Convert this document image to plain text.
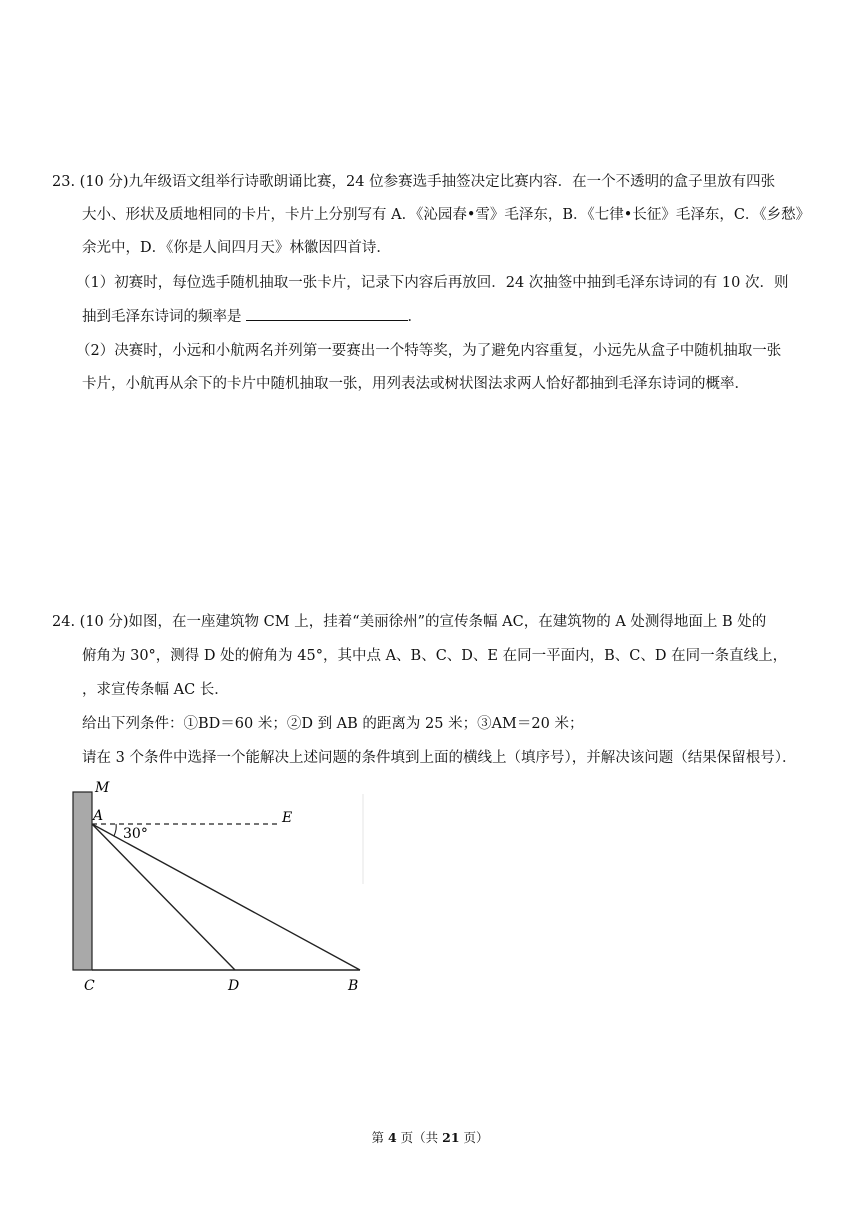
23. (10 分)九年级语文组举行诗歌朗诵比赛，24 位参赛选手抽签决定比赛内容．在一个不透明的盒子里放有四张
大小、形状及质地相同的卡片，卡片上分别写有 A．《沁园春•雪》毛泽东，B．《七律•长征》毛泽东，C．《乡愁》
余光中，D．《你是人间四月天》林徽因四首诗．
（1）初赛时，每位选手随机抽取一张卡片，记录下内容后再放回．24 次抽签中抽到毛泽东诗词的有 10 次．则
抽到毛泽东诗词的频率是	．
（2）决赛时，小远和小航两名并列第一要赛出一个特等奖，为了避免内容重复，小远先从盒子中随机抽取一张
卡片，小航再从余下的卡片中随机抽取一张，用列表法或树状图法求两人恰好都抽到毛泽东诗词的概率．
24. (10 分)如图，在一座建筑物 CM 上，挂着“美丽徐州”的宣传条幅 AC，在建筑物的 A 处测得地面上 B 处的
俯角为 30°，测得 D 处的俯角为 45°，其中点 A、B、C、D、E 在同一平面内，B、C、D 在同一条直线上，
，求宣传条幅 AC 长．
给出下列条件：①BD＝60 米；②D 到 AB 的距离为 25 米；③AM＝20 米；
请在 3 个条件中选择一个能解决上述问题的条件填到上面的横线上（填序号），并解决该问题（结果保留根号）．
M
A	E
30°
C	D	B
第 4 页（共 21 页）
